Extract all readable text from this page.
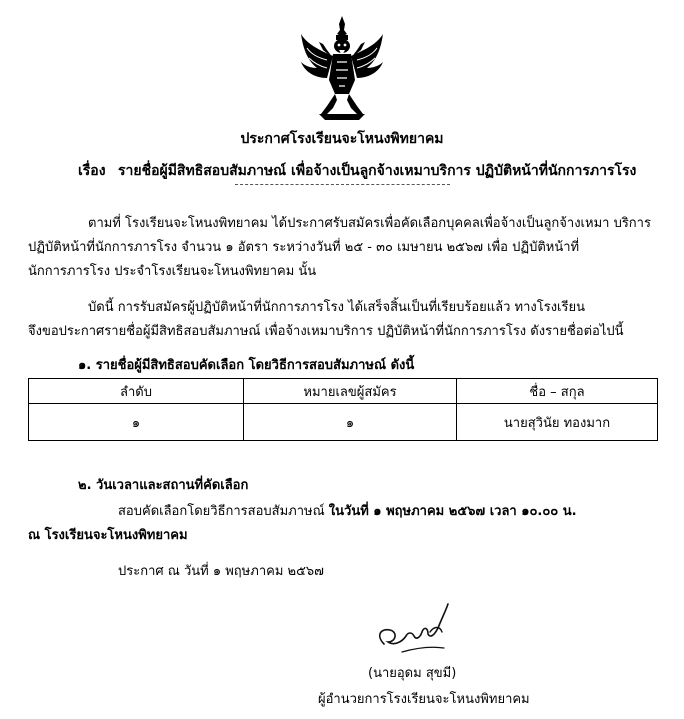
ประกาศโรงเรียนจะโหนงพิทยาคม
เรื่อง รายชื่อผู้มีสิทธิสอบสัมภาษณ์ เพื่อจ้างเป็นลูกจ้างเหมาบริการ ปฏิบัติหน้าที่นักการภารโรง
ตามที่ โรงเรียนจะโหนงพิทยาคม ได้ประกาศรับสมัครเพื่อคัดเลือกบุคคลเพื่อจ้างเป็นลูกจ้างเหมา บริการ
ปฏิบัติหน้าที่นักการภารโรง จำนวน ๑ อัตรา ระหว่างวันที่ ๒๕ - ๓๐ เมษายน ๒๕๖๗ เพื่อ ปฏิบัติหน้าที่
นักการภารโรง ประจำโรงเรียนจะโหนงพิทยาคม นั้น
บัดนี้ การรับสมัครผู้ปฏิบัติหน้าที่นักการภารโรง ได้เสร็จสิ้นเป็นที่เรียบร้อยแล้ว ทางโรงเรียน
จึงขอประกาศรายชื่อผู้มีสิทธิสอบสัมภาษณ์ เพื่อจ้างเหมาบริการ ปฏิบัติหน้าที่นักการภารโรง ดังรายชื่อต่อไปนี้
๑. รายชื่อผู้มีสิทธิสอบคัดเลือก โดยวิธีการสอบสัมภาษณ์ ดังนี้
ลำดับ	หมายเลขผู้สมัคร	ชื่อ – สกุล
๑	๑	นายสุวินัย ทองมาก
๒. วันเวลาและสถานที่คัดเลือก
สอบคัดเลือกโดยวิธีการสอบสัมภาษณ์ ในวันที่ ๑ พฤษภาคม ๒๕๖๗ เวลา ๑๐.๐๐ น.
ณ โรงเรียนจะโหนงพิทยาคม
ประกาศ ณ วันที่ ๑ พฤษภาคม ๒๕๖๗
(นายอุดม สุขมี)
ผู้อำนวยการโรงเรียนจะโหนงพิทยาคม
